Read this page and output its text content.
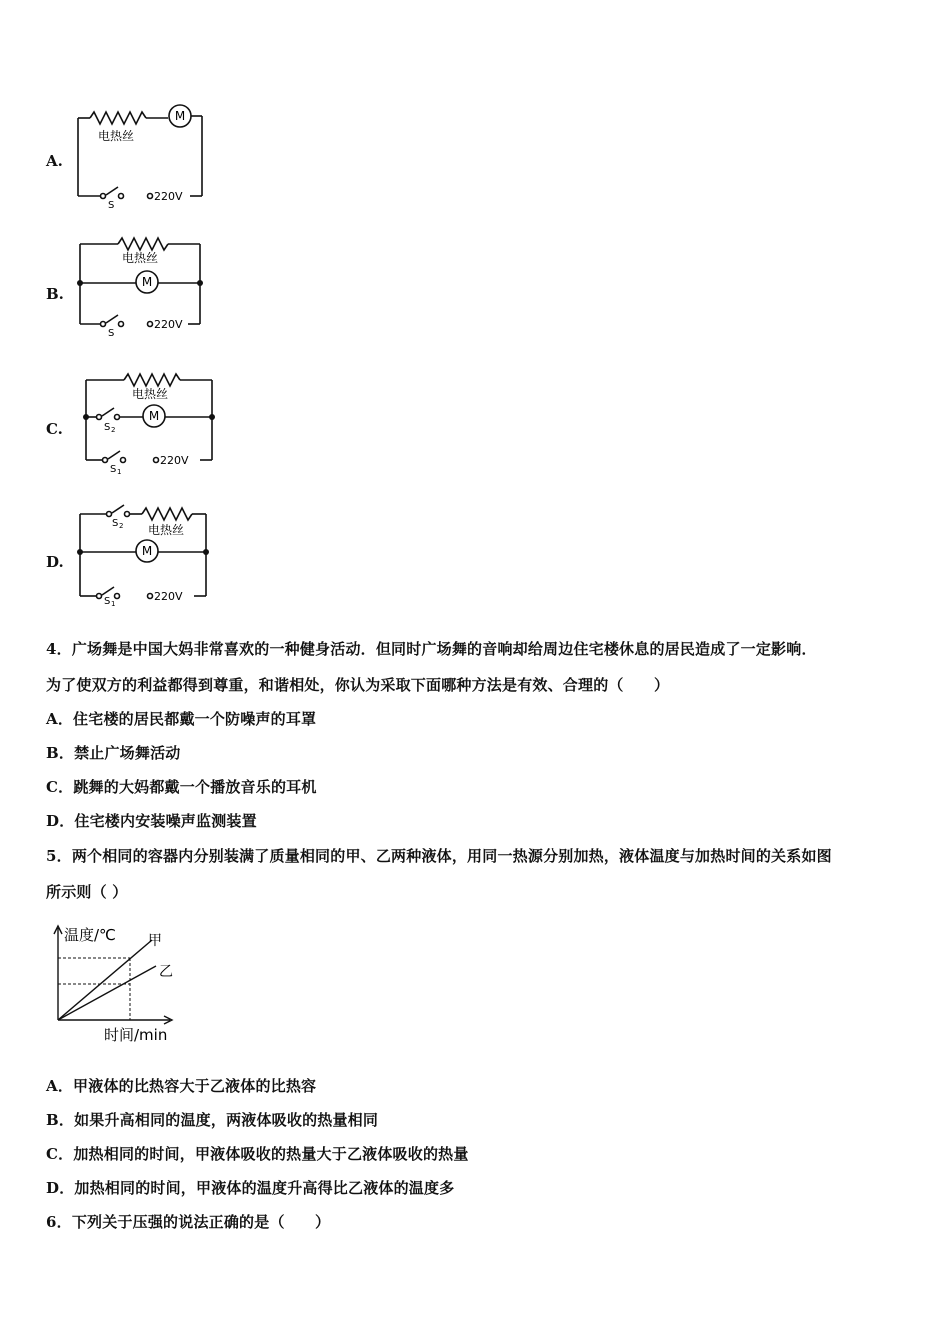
A.
M
电热丝
S
220V
B.
M
电热丝
S
220V
C.
M
电热丝
S 2
S 1
220V
D.
M
电热丝
S 2
S 1
220V
4．广场舞是中国大妈非常喜欢的一种健身活动．但同时广场舞的音响却给周边住宅楼休息的居民造成了一定影响．
为了使双方的利益都得到尊重，和谐相处，你认为采取下面哪种方法是有效、合理的（　　）
A．住宅楼的居民都戴一个防噪声的耳罩
B．禁止广场舞活动
C．跳舞的大妈都戴一个播放音乐的耳机
D．住宅楼内安装噪声监测装置
5．两个相同的容器内分别装满了质量相同的甲、乙两种液体，用同一热源分别加热，液体温度与加热时间的关系如图
所示则（ ）
温度/℃
时间/min
甲
乙
A．甲液体的比热容大于乙液体的比热容
B．如果升高相同的温度，两液体吸收的热量相同
C．加热相同的时间，甲液体吸收的热量大于乙液体吸收的热量
D．加热相同的时间，甲液体的温度升高得比乙液体的温度多
6．下列关于压强的说法正确的是（　　）
